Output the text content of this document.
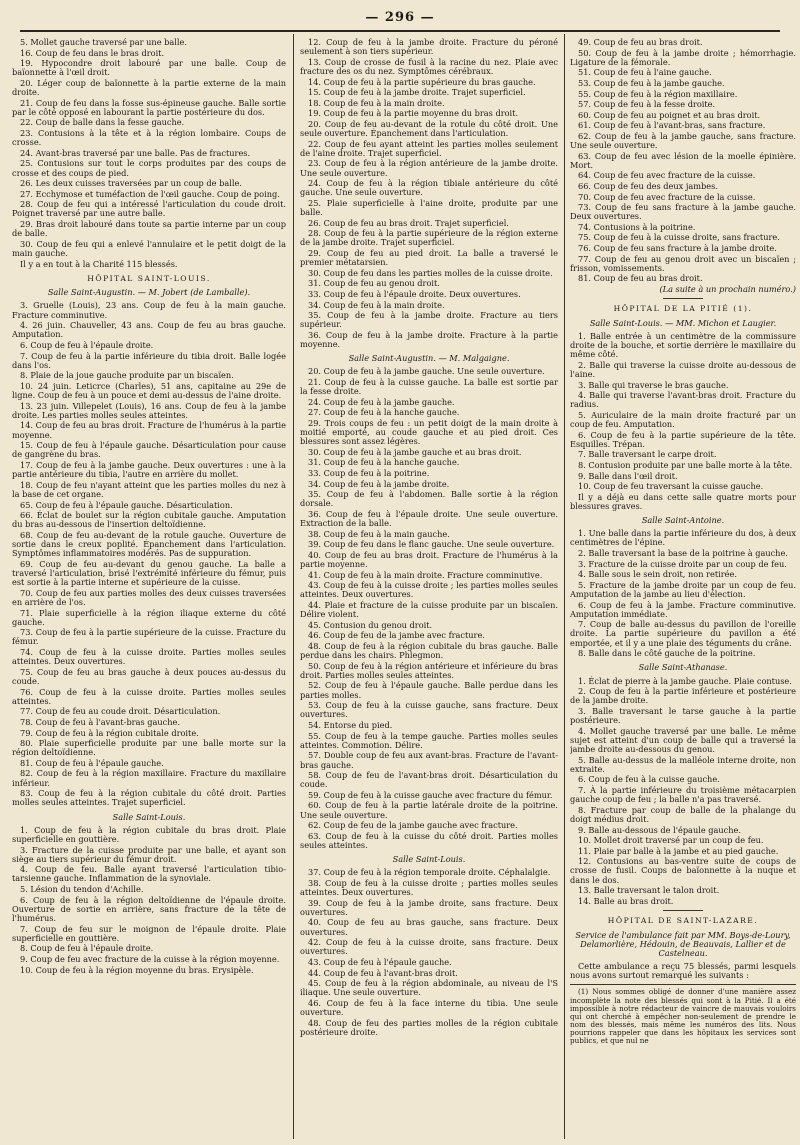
— 296 —

5. Mollet gauche traversé par une balle.

16. Coup de feu dans le bras droit.

19. Hypocondre droit labouré par une balle. Coup de baïonnette à l'œil droit.

20. Léger coup de baïonnette à la partie externe de la main droite.

21. Coup de feu dans la fosse sus-épineuse gauche. Balle sortie par le côté opposé en labourant la partie postérieure du dos.

22. Coup de balle dans la fesse gauche.

23. Contusions à la tête et à la région lombaire. Coups de crosse.

24. Avant-bras traversé par une balle. Pas de fractures.

25. Contusions sur tout le corps produites par des coups de crosse et des coups de pied.

26. Les deux cuisses traversées par un coup de balle.

27. Ecchymose et tuméfaction de l'œil gauche. Coup de poing.

28. Coup de feu qui a intéressé l'articulation du coude droit. Poignet traversé par une autre balle.

29. Bras droit labouré dans toute sa partie interne par un coup de balle.

30. Coup de feu qui a enlevé l'annulaire et le petit doigt de la main gauche.

Il y a en tout à la Charité 115 blessés.

HÔPITAL SAINT-LOUIS.

Salle Saint-Augustin. — M. Jobert (de Lamballe).

3. Gruelle (Louis), 23 ans. Coup de feu à la main gauche. Fracture comminutive.

4. 26 juin. Chauveller, 43 ans. Coup de feu au bras gauche. Amputation.

6. Coup de feu à l'épaule droite.

7. Coup de feu à la partie inférieure du tibia droit. Balle logée dans l'os.

8. Plaie de la joue gauche produite par un biscaïen.

10. 24 juin. Leticrce (Charles), 51 ans, capitaine au 29e de ligne. Coup de feu à un pouce et demi au-dessus de l'aine droite.

13. 23 juin. Villepelet (Louis), 16 ans. Coup de feu à la jambe droite. Les parties molles seules atteintes.

14. Coup de feu au bras droit. Fracture de l'humérus à la partie moyenne.

15. Coup de feu à l'épaule gauche. Désarticulation pour cause de gangrène du bras.

17. Coup de feu à la jambe gauche. Deux ouvertures : une à la partie antérieure du tibia, l'autre en arrière du mollet.

18. Coup de feu n'ayant atteint que les parties molles du nez à la base de cet organe.

65. Coup de feu à l'épaule gauche. Désarticulation.

66. Éclat de boulet sur la région cubitale gauche. Amputation du bras au-dessous de l'insertion deltoïdienne.

68. Coup de feu au-devant de la rotule gauche. Ouverture de sortie dans le creux poplité. Épanchement dans l'articulation. Symptômes inflammatoires modérés. Pas de suppuration.

69. Coup de feu au-devant du genou gauche. La balle a traversé l'articulation, brisé l'extrémité inférieure du fémur, puis est sortie à la partie interne et supérieure de la cuisse.

70. Coup de feu aux parties molles des deux cuisses traversées en arrière de l'os.

71. Plaie superficielle à la région iliaque externe du côté gauche.

73. Coup de feu à la partie supérieure de la cuisse. Fracture du fémur.

74. Coup de feu à la cuisse droite. Parties molles seules atteintes. Deux ouvertures.

75. Coup de feu au bras gauche à deux pouces au-dessus du coude.

76. Coup de feu à la cuisse droite. Parties molles seules atteintes.

77. Coup de feu au coude droit. Désarticulation.

78. Coup de feu à l'avant-bras gauche.

79. Coup de feu à la région cubitale droite.

80. Plaie superficielle produite par une balle morte sur la région deltoïdienne.

81. Coup de feu à l'épaule gauche.

82. Coup de feu à la région maxillaire. Fracture du maxillaire inférieur.

83. Coup de feu à la région cubitale du côté droit. Parties molles seules atteintes. Trajet superficiel.

Salle Saint-Louis.

1. Coup de feu à la région cubitale du bras droit. Plaie superficielle en gouttière.

3. Fracture de la cuisse produite par une balle, et ayant son siège au tiers supérieur du fémur droit.

4. Coup de feu. Balle ayant traversé l'articulation tibio-tarsienne gauche. Inflammation de la synoviale.

5. Lésion du tendon d'Achille.

6. Coup de feu à la région deltoïdienne de l'épaule droite. Ouverture de sortie en arrière, sans fracture de la tête de l'humérus.

7. Coup de feu sur le moignon de l'épaule droite. Plaie superficielle en gouttière.

8. Coup de feu à l'épaule droite.

9. Coup de feu avec fracture de la cuisse à la région moyenne.

10. Coup de feu à la région moyenne du bras. Erysipèle.

12. Coup de feu à la jambe droite. Fracture du péroné seulement à son tiers supérieur.

13. Coup de crosse de fusil à la racine du nez. Plaie avec fracture des os du nez. Symptômes cérébraux.

14. Coup de feu à la partie supérieure du bras gauche.

15. Coup de feu à la jambe droite. Trajet superficiel.

18. Coup de feu à la main droite.

19. Coup de feu à la partie moyenne du bras droit.

20. Coup de feu au-devant de la rotule du côté droit. Une seule ouverture. Épanchement dans l'articulation.

22. Coup de feu ayant atteint les parties molles seulement de l'aine droite. Trajet superficiel.

23. Coup de feu à la région antérieure de la jambe droite. Une seule ouverture.

24. Coup de feu à la région tibiale antérieure du côté gauche. Une seule ouverture.

25. Plaie superficielle à l'aine droite, produite par une balle.

26. Coup de feu au bras droit. Trajet superficiel.

28. Coup de feu à la partie supérieure de la région externe de la jambe droite. Trajet superficiel.

29. Coup de feu au pied droit. La balle a traversé le premier métatarsien.

30. Coup de feu dans les parties molles de la cuisse droite.

31. Coup de feu au genou droit.

33. Coup de feu à l'épaule droite. Deux ouvertures.

34. Coup de feu à la main droite.

35. Coup de feu à la jambe droite. Fracture au tiers supérieur.

36. Coup de feu à la jambe droite. Fracture à la partie moyenne.

Salle Saint-Augustin. — M. Malgaigne.

20. Coup de feu à la jambe gauche. Une seule ouverture.

21. Coup de feu à la cuisse gauche. La balle est sortie par la fesse droite.

24. Coup de feu à la jambe gauche.

27. Coup de feu à la hanche gauche.

29. Trois coups de feu : un petit doigt de la main droite à moitié emporté, au coude gauche et au pied droit. Ces blessures sont assez légères.

30. Coup de feu à la jambe gauche et au bras droit.

31. Coup de feu à la hanche gauche.

33. Coup de feu à la poitrine.

34. Coup de feu à la jambe droite.

35. Coup de feu à l'abdomen. Balle sortie à la région dorsale.

36. Coup de feu à l'épaule droite. Une seule ouverture. Extraction de la balle.

38. Coup de feu à la main gauche.

39. Coup de feu dans le flanc gauche. Une seule ouverture.

40. Coup de feu au bras droit. Fracture de l'humérus à la partie moyenne.

41. Coup de feu à la main droite. Fracture comminutive.

43. Coup de feu à la cuisse droite ; les parties molles seules atteintes. Deux ouvertures.

44. Plaie et fracture de la cuisse produite par un biscaïen. Délire violent.

45. Contusion du genou droit.

46. Coup de feu de la jambe avec fracture.

48. Coup de feu à la région cubitale du bras gauche. Balle perdue dans les chairs. Phlegmon.

50. Coup de feu à la région antérieure et inférieure du bras droit. Parties molles seules atteintes.

52. Coup de feu à l'épaule gauche. Balle perdue dans les parties molles.

53. Coup de feu à la cuisse gauche, sans fracture. Deux ouvertures.

54. Entorse du pied.

55. Coup de feu à la tempe gauche. Parties molles seules atteintes. Commotion. Délire.

57. Double coup de feu aux avant-bras. Fracture de l'avant-bras gauche.

58. Coup de feu de l'avant-bras droit. Désarticulation du coude.

59. Coup de feu à la cuisse gauche avec fracture du fémur.

60. Coup de feu à la partie latérale droite de la poitrine. Une seule ouverture.

62. Coup de feu de la jambe gauche avec fracture.

63. Coup de feu à la cuisse du côté droit. Parties molles seules atteintes.

Salle Saint-Louis.

37. Coup de feu à la région temporale droite. Céphalalgie.

38. Coup de feu à la cuisse droite ; parties molles seules atteintes. Deux ouvertures.

39. Coup de feu à la jambe droite, sans fracture. Deux ouvertures.

40. Coup de feu au bras gauche, sans fracture. Deux ouvertures.

42. Coup de feu à la cuisse droite, sans fracture. Deux ouvertures.

43. Coup de feu à l'épaule gauche.

44. Coup de feu à l'avant-bras droit.

45. Coup de feu à la région abdominale, au niveau de l'S iliaque. Une seule ouverture.

46. Coup de feu à la face interne du tibia. Une seule ouverture.

48. Coup de feu des parties molles de la région cubitale postérieure droite.

49. Coup de feu au bras droit.

50. Coup de feu à la jambe droite ; hémorrhagie. Ligature de la fémorale.

51. Coup de feu à l'aine gauche.

53. Coup de feu à la jambe gauche.

55. Coup de feu à la région maxillaire.

57. Coup de feu à la fesse droite.

60. Coup de feu au poignet et au bras droit.

61. Coup de feu à l'avant-bras, sans fracture.

62. Coup de feu à la jambe gauche, sans fracture. Une seule ouverture.

63. Coup de feu avec lésion de la moelle épinière. Mort.

64. Coup de feu avec fracture de la cuisse.

66. Coup de feu des deux jambes.

70. Coup de feu avec fracture de la cuisse.

73. Coup de feu sans fracture à la jambe gauche. Deux ouvertures.

74. Contusions à la poitrine.

75. Coup de feu à la cuisse droite, sans fracture.

76. Coup de feu sans fracture à la jambe droite.

77. Coup de feu au genou droit avec un biscaïen ; frisson, vomissements.

81. Coup de feu au bras droit.

(La suite à un prochain numéro.)

HÔPITAL DE LA PITIÉ (1).

Salle Saint-Louis. — MM. Michon et Laugier.

1. Balle entrée à un centimètre de la commissure droite de la bouche, et sortie derrière le maxillaire du même côté.

2. Balle qui traverse la cuisse droite au-dessous de l'aine.

3. Balle qui traverse le bras gauche.

4. Balle qui traverse l'avant-bras droit. Fracture du radius.

5. Auriculaire de la main droite fracturé par un coup de feu. Amputation.

6. Coup de feu à la partie supérieure de la tête. Esquilles. Trépan.

7. Balle traversant le carpe droit.

8. Contusion produite par une balle morte à la tête.

9. Balle dans l'œil droit.

10. Coup de feu traversant la cuisse gauche.

Il y a déjà eu dans cette salle quatre morts pour blessures graves.

Salle Saint-Antoine.

1. Une balle dans la partie inférieure du dos, à deux centimètres de l'épine.

2. Balle traversant la base de la poitrine à gauche.

3. Fracture de la cuisse droite par un coup de feu.

4. Balle sous le sein droit, non retirée.

5. Fracture de la jambe droite par un coup de feu. Amputation de la jambe au lieu d'élection.

6. Coup de feu à la jambe. Fracture comminutive. Amputation immédiate.

7. Coup de balle au-dessus du pavillon de l'oreille droite. La partie supérieure du pavillon a été emportée, et il y a une plaie des téguments du crâne.

8. Balle dans le côté gauche de la poitrine.

Salle Saint-Athanase.

1. Éclat de pierre à la jambe gauche. Plaie contuse.

2. Coup de feu à la partie inférieure et postérieure de la jambe droite.

3. Balle traversant le tarse gauche à la partie postérieure.

4. Mollet gauche traversé par une balle. Le même sujet est atteint d'un coup de balle qui a traversé la jambe droite au-dessous du genou.

5. Balle au-dessus de la malléole interne droite, non extraite.

6. Coup de feu à la cuisse gauche.

7. À la partie inférieure du troisième métacarpien gauche coup de feu ; la balle n'a pas traversé.

8. Fracture par coup de balle de la phalange du doigt médius droit.

9. Balle au-dessous de l'épaule gauche.

10. Mollet droit traversé par un coup de feu.

11. Plaie par balle à la jambe et au pied gauche.

12. Contusions au bas-ventre suite de coups de crosse de fusil. Coups de baïonnette à la nuque et dans le dos.

13. Balle traversant le talon droit.

14. Balle au bras droit.

HÔPITAL DE SAINT-LAZARE.

Service de l'ambulance fait par MM. Boys-de-Loury, Delamorlière, Hédouin, de Beauvais, Lallier et de Castelneau.

Cette ambulance a reçu 75 blessés, parmi lesquels nous avons surtout remarqué les suivants :

(1) Nous sommes obligé de donner d'une manière assez incomplète la note des blessés qui sont à la Pitié. Il a été impossible à notre rédacteur de vaincre de mauvais vouloirs qui ont cherché à empêcher non-seulement de prendre le nom des blessés, mais même les numéros des lits. Nous pourrions rappeler que dans les hôpitaux les services sont publics, et que nul ne
